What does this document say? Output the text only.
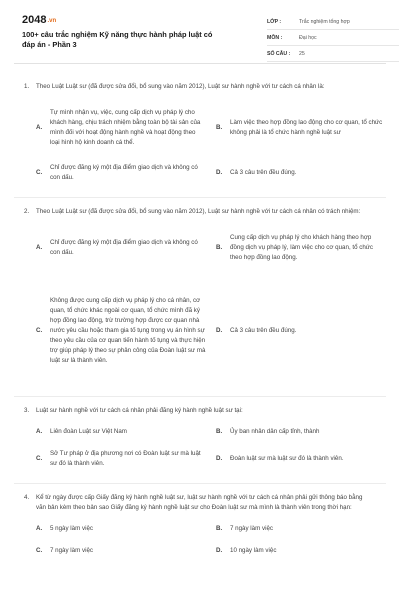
2048.vn
100+ câu trắc nghiệm Kỹ năng thực hành pháp luật có đáp án - Phần 3
LỚP :	Trắc nghiệm tổng hợp
MÔN :	Đại học
SỐ CÂU :	25
1.	Theo Luật Luật sư (đã được sửa đổi, bổ sung vào năm 2012), Luật sư hành nghề với tư cách cá nhân là:
A.
Tự mình nhận vụ, việc, cung cấp dịch vụ pháp lý cho khách hàng, chịu trách nhiệm bằng toàn bộ tài sản của mình đối với hoạt động hành nghề và hoạt động theo loại hình hộ kinh doanh cá thể.
B.
Làm việc theo hợp đồng lao động cho cơ quan, tổ chức không phải là tổ chức hành nghề luật sư
C.
Chỉ được đăng ký một địa điểm giao dịch và không có con dấu.
D.	Cả 3 câu trên đều đúng.
2.	Theo Luật Luật sư (đã được sửa đổi, bổ sung vào năm 2012), Luật sư hành nghề với tư cách cá nhân có trách nhiệm:
A.
Chỉ được đăng ký một địa điểm giao dịch và không có con dấu.
B.
Cung cấp dịch vụ pháp lý cho khách hàng theo hợp đồng dịch vụ pháp lý, làm việc cho cơ quan, tổ chức theo hợp đồng lao động.
C.
Không được cung cấp dịch vụ pháp lý cho cá nhân, cơ quan, tổ chức khác ngoài cơ quan, tổ chức mình đã ký hợp đồng lao động, trừ trường hợp được cơ quan nhà nước yêu cầu hoặc tham gia tố tụng trong vụ án hình sự theo yêu cầu của cơ quan tiến hành tố tụng và thực hiện trợ giúp pháp lý theo sự phân công của Đoàn luật sư mà luật sư là thành viên.
D.	Cả 3 câu trên đều đúng.
3.	Luật sư hành nghề với tư cách cá nhân phải đăng ký hành nghề luật sư tại:
A.	Liên đoàn Luật sư Việt Nam	B.	Ủy ban nhân dân cấp tỉnh, thành
C.
Sở Tư pháp ở địa phương nơi có Đoàn luật sư mà luật sư đó là thành viên.
D.	Đoàn luật sư mà luật sư đó là thành viên.
4.	Kể từ ngày được cấp Giấy đăng ký hành nghề luật sư, luật sư hành nghề với tư cách cá nhân phải gửi thông báo bằng văn bản kèm theo bản sao Giấy đăng ký hành nghề luật sư cho Đoàn luật sư mà mình là thành viên trong thời hạn:
A.	5 ngày làm việc	B.	7 ngày làm việc
C.	7 ngày làm việc	D.	10 ngày làm việc
